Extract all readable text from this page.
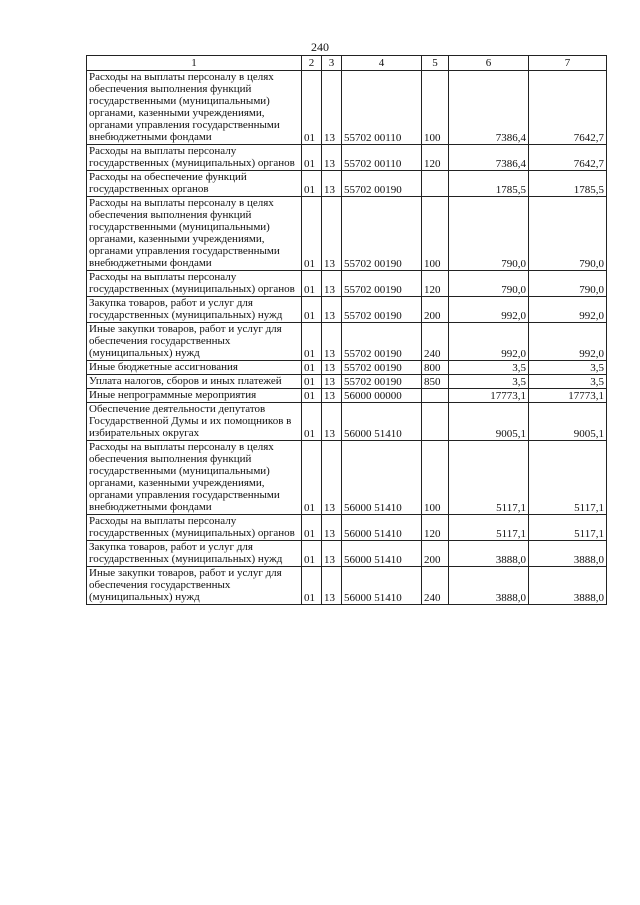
240
1	2	3	4	5	6	7
Расходы на выплаты персоналу в целях обеспечения выполнения функций государственными (муниципальными) органами, казенными учреждениями, органами управления государственными внебюджетными фондами	01	13	55702 00110	100	7386,4	7642,7
Расходы на выплаты персоналу государственных (муниципальных) органов	01	13	55702 00110	120	7386,4	7642,7
Расходы на обеспечение функций государственных органов	01	13	55702 00190		1785,5	1785,5
Расходы на выплаты персоналу в целях обеспечения выполнения функций государственными (муниципальными) органами, казенными учреждениями, органами управления государственными внебюджетными фондами	01	13	55702 00190	100	790,0	790,0
Расходы на выплаты персоналу государственных (муниципальных) органов	01	13	55702 00190	120	790,0	790,0
Закупка товаров, работ и услуг для государственных (муниципальных) нужд	01	13	55702 00190	200	992,0	992,0
Иные закупки товаров, работ и услуг для обеспечения государственных (муниципальных) нужд	01	13	55702 00190	240	992,0	992,0
Иные бюджетные ассигнования	01	13	55702 00190	800	3,5	3,5
Уплата налогов, сборов и иных платежей	01	13	55702 00190	850	3,5	3,5
Иные непрограммные мероприятия	01	13	56000 00000		17773,1	17773,1
Обеспечение деятельности депутатов Государственной Думы и их помощников в избирательных округах	01	13	56000 51410		9005,1	9005,1
Расходы на выплаты персоналу в целях обеспечения выполнения функций государственными (муниципальными) органами, казенными учреждениями, органами управления государственными внебюджетными фондами	01	13	56000 51410	100	5117,1	5117,1
Расходы на выплаты персоналу государственных (муниципальных) органов	01	13	56000 51410	120	5117,1	5117,1
Закупка товаров, работ и услуг для государственных (муниципальных) нужд	01	13	56000 51410	200	3888,0	3888,0
Иные закупки товаров, работ и услуг для обеспечения государственных (муниципальных) нужд	01	13	56000 51410	240	3888,0	3888,0
